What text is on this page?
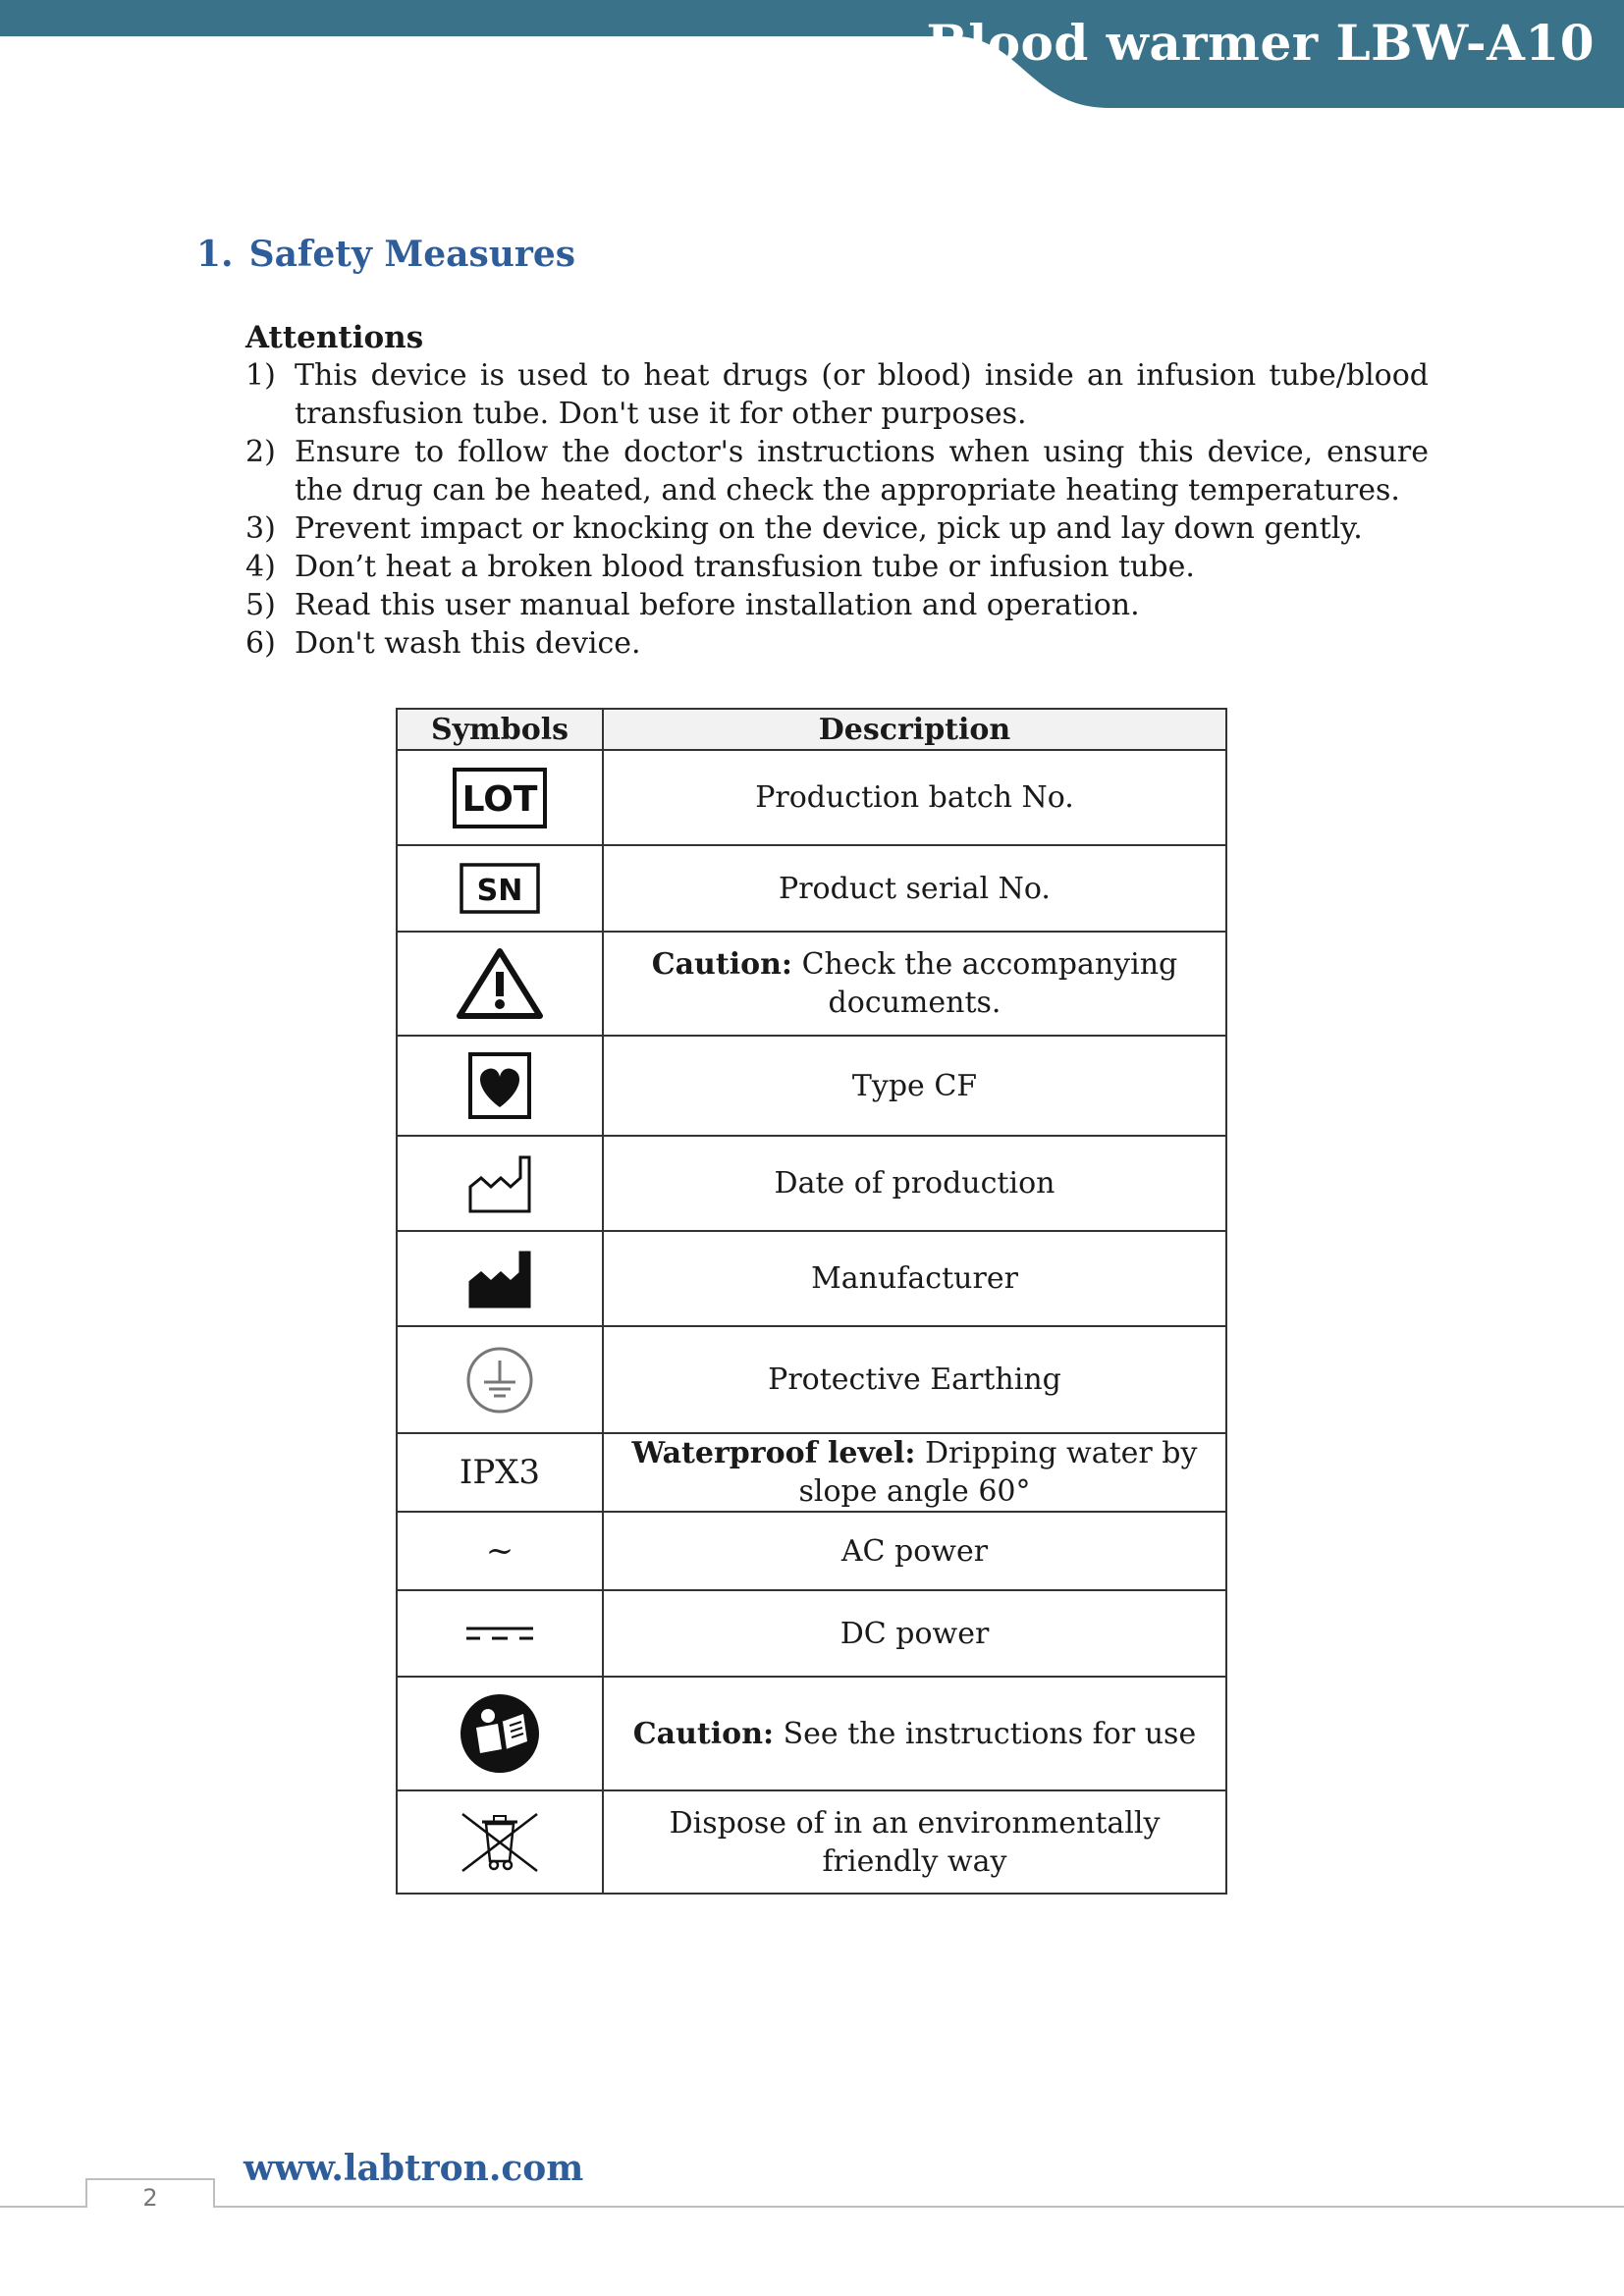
Blood warmer LBW-A10
1. Safety Measures
Attentions
1) This device is used to heat drugs (or blood) inside an infusion tube/blood transfusion tube. Don't use it for other purposes.
2) Ensure to follow the doctor's instructions when using this device, ensure the drug can be heated, and check the appropriate heating temperatures.
3) Prevent impact or knocking on the device, pick up and lay down gently.
4) Don’t heat a broken blood transfusion tube or infusion tube.
5) Read this user manual before installation and operation.
6) Don't wash this device.
Symbols	Description

LOT	Production batch No.

SN	Product serial No.

	Caution: Check the accompanying documents.

	Type CF

	Date of production

	Manufacturer

	Protective Earthing
IPX3	Waterproof level: Dripping water by slope angle 60°
~	AC power

	DC power

	Caution: See the instructions for use

	Dispose of in an environmentally friendly way
www.labtron.com
2
